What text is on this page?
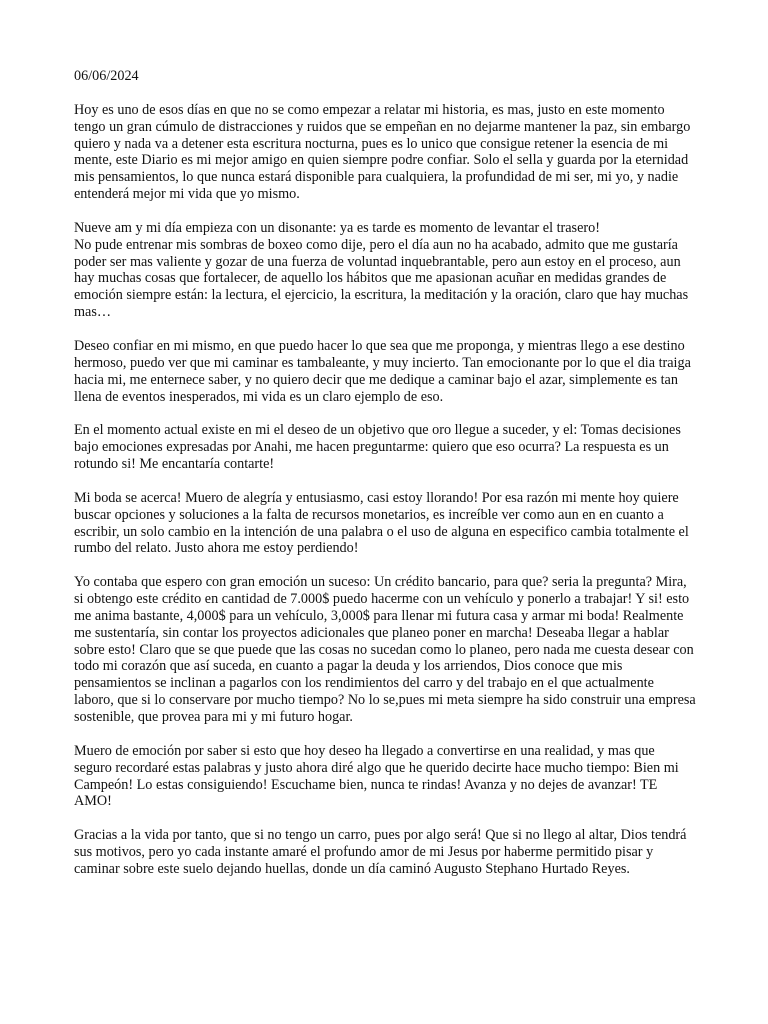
06/06/2024

Hoy es uno de esos días en que no se como empezar a relatar mi historia, es mas, justo en este momento tengo un gran cúmulo de distracciones y ruidos que se empeñan en no dejarme mantener la paz, sin embargo quiero y nada va a detener esta escritura nocturna, pues es lo unico que consigue retener la esencia de mi mente, este Diario es mi mejor amigo en quien siempre podre confiar. Solo el sella y guarda por la eternidad mis pensamientos, lo que nunca estará disponible para cualquiera, la profundidad de mi ser, mi yo, y nadie entenderá mejor mi vida que yo mismo.

Nueve am y mi día empieza con un disonante: ya es tarde es momento de levantar el trasero!
No pude entrenar mis sombras de boxeo como dije, pero el día aun no ha acabado, admito que me gustaría poder ser mas valiente y gozar de una fuerza de voluntad inquebrantable, pero aun estoy en el proceso, aun hay muchas cosas que fortalecer, de aquello los hábitos que me apasionan acuñar en medidas grandes de emoción siempre están: la lectura, el ejercicio, la escritura, la meditación y la oración, claro que hay muchas mas…

Deseo confiar en mi mismo, en que puedo hacer lo que sea que me proponga, y mientras llego a ese destino hermoso, puedo ver que mi caminar es tambaleante, y muy incierto. Tan emocionante por lo que el dia traiga hacia mi, me enternece saber, y no quiero decir que me dedique a caminar bajo el azar, simplemente es tan llena de eventos inesperados, mi vida es un claro ejemplo de eso.

En el momento actual existe en mi el deseo de un objetivo que oro llegue a suceder, y el: Tomas decisiones bajo emociones expresadas por Anahi, me hacen preguntarme: quiero que eso ocurra? La respuesta es un rotundo si! Me encantaría contarte!

Mi boda se acerca! Muero de alegría y entusiasmo, casi estoy llorando! Por esa razón mi mente hoy quiere buscar opciones y soluciones a la falta de recursos monetarios, es increíble ver como aun en en cuanto a escribir, un solo cambio en la intención de una palabra o el uso de alguna en especifico cambia totalmente el rumbo del relato. Justo ahora me estoy perdiendo!

Yo contaba que espero con gran emoción un suceso: Un crédito bancario, para que? seria la pregunta? Mira, si obtengo este crédito en cantidad de 7.000$ puedo hacerme con un vehículo y ponerlo a trabajar! Y si! esto me anima bastante, 4,000$ para un vehículo, 3,000$ para llenar mi futura casa y armar mi boda! Realmente me sustentaría, sin contar los proyectos adicionales que planeo poner en marcha! Deseaba llegar a hablar sobre esto! Claro que se que puede que las cosas no sucedan como lo planeo, pero nada me cuesta desear con todo mi corazón que así suceda, en cuanto a pagar la deuda y los arriendos, Dios conoce que mis pensamientos se inclinan a pagarlos con los rendimientos del carro y del trabajo en el que actualmente laboro, que si lo conservare por mucho tiempo? No lo se,pues mi meta siempre ha sido construir una empresa sostenible, que provea para mi y mi futuro hogar.

Muero de emoción por saber si esto que hoy deseo ha llegado a convertirse en una realidad, y mas que seguro recordaré estas palabras y justo ahora diré algo que he querido decirte hace mucho tiempo: Bien mi Campeón! Lo estas consiguiendo! Escuchame bien, nunca te rindas! Avanza y no dejes de avanzar! TE AMO!

Gracias a la vida por tanto, que si no tengo un carro, pues por algo será! Que si no llego al altar, Dios tendrá sus motivos, pero yo cada instante amaré el profundo amor de mi Jesus por haberme permitido pisar y caminar sobre este suelo dejando huellas, donde un día caminó Augusto Stephano Hurtado Reyes.
